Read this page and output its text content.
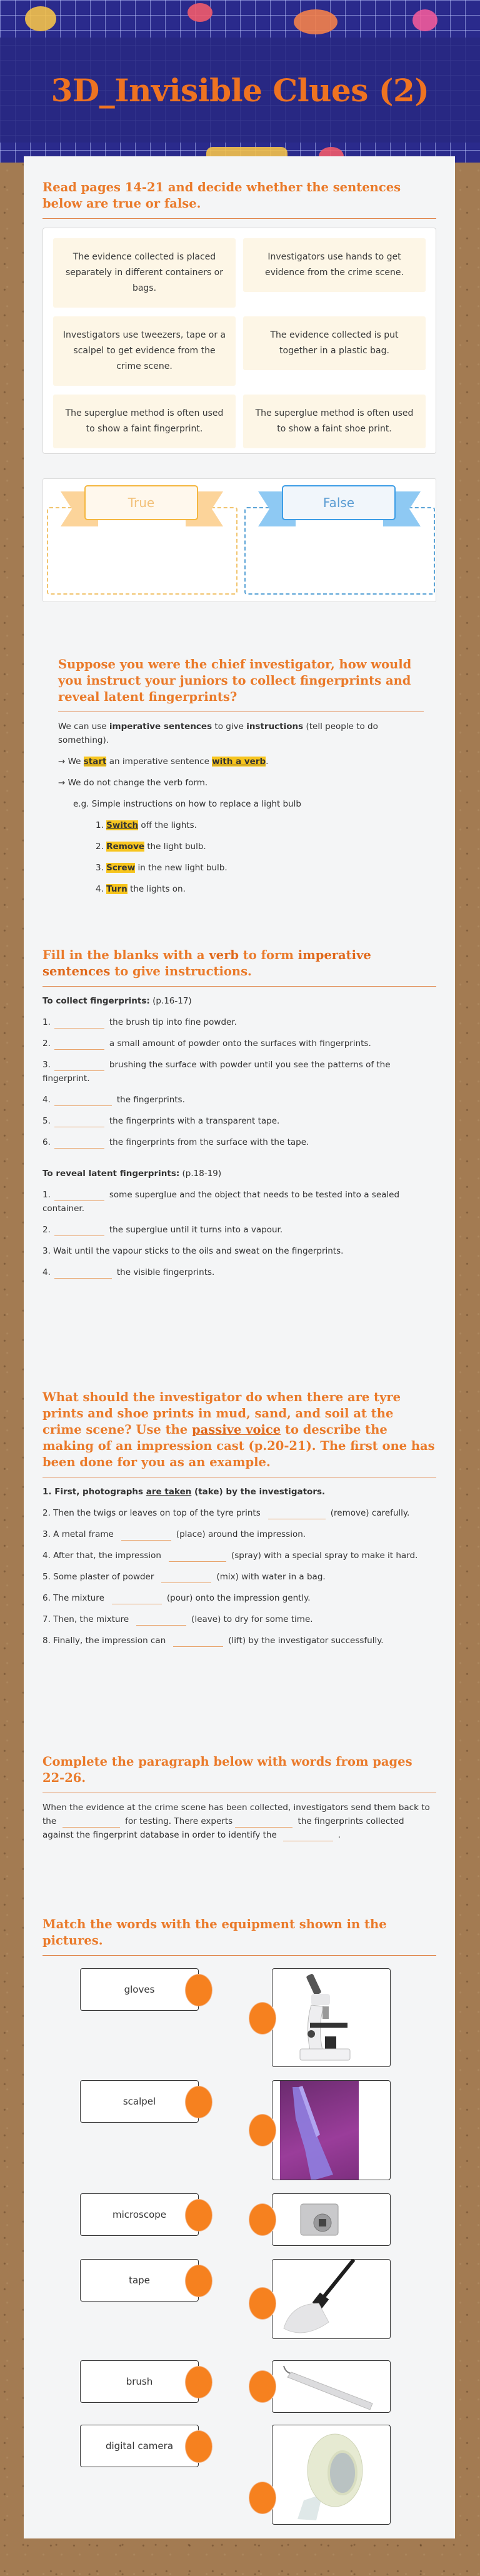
3D_Invisible Clues (2)
Read pages 14-21 and decide whether the sentences below are true or false.
The evidence collected is placed separately in different containers or bags.
Investigators use hands to get evidence from the crime scene.
Investigators use tweezers, tape or a scalpel to get evidence from the crime scene.
The evidence collected is put together in a plastic bag.
The superglue method is often used to show a faint fingerprint.
The superglue method is often used to show a faint shoe print.
True	False
Suppose you were the chief investigator, how would you instruct your juniors to collect fingerprints and reveal latent fingerprints?

We can use imperative sentences to give instructions (tell people to do something).

→ We start an imperative sentence with a verb.

→ We do not change the verb form.

e.g. Simple instructions on how to replace a light bulb

1. Switch off the lights.

2. Remove the light bulb.

3. Screw in the new light bulb.

4. Turn the lights on.

Fill in the blanks with a verb to form imperative sentences to give instructions.

To collect fingerprints: (p.16-17)

1.	the brush tip into fine powder.

2.	a small amount of powder onto the surfaces with fingerprints.

3.	brushing the surface with powder until you see the patterns of the fingerprint.

4.	the fingerprints.

5.	the fingerprints with a transparent tape.

6.	the fingerprints from the surface with the tape.

To reveal latent fingerprints: (p.18-19)

1.	some superglue and the object that needs to be tested into a sealed container.

2.	the superglue until it turns into a vapour.

3. Wait until the vapour sticks to the oils and sweat on the fingerprints.

4.	the visible fingerprints.

What should the investigator do when there are tyre prints and shoe prints in mud, sand, and soil at the crime scene? Use the passive voice to describe the making of an impression cast (p.20-21). The first one has been done for you as an example.

1. First, photographs are taken (take) by the investigators.

2. Then the twigs or leaves on top of the tyre prints	(remove) carefully.

3. A metal frame	(place) around the impression.

4. After that, the impression	(spray) with a special spray to make it hard.

5. Some plaster of powder	(mix) with water in a bag.

6. The mixture	(pour) onto the impression gently.

7. Then, the mixture	(leave) to dry for some time.

8. Finally, the impression can	(lift) by the investigator successfully.

Complete the paragraph below with words from pages 22-26.

When the evidence at the crime scene has been collected, investigators send them back to the	for testing. There experts	the fingerprints collected against the fingerprint database in order to identify the	.

Match the words with the equipment shown in the pictures.
gloves
scalpel
microscope
tape
brush
digital camera
